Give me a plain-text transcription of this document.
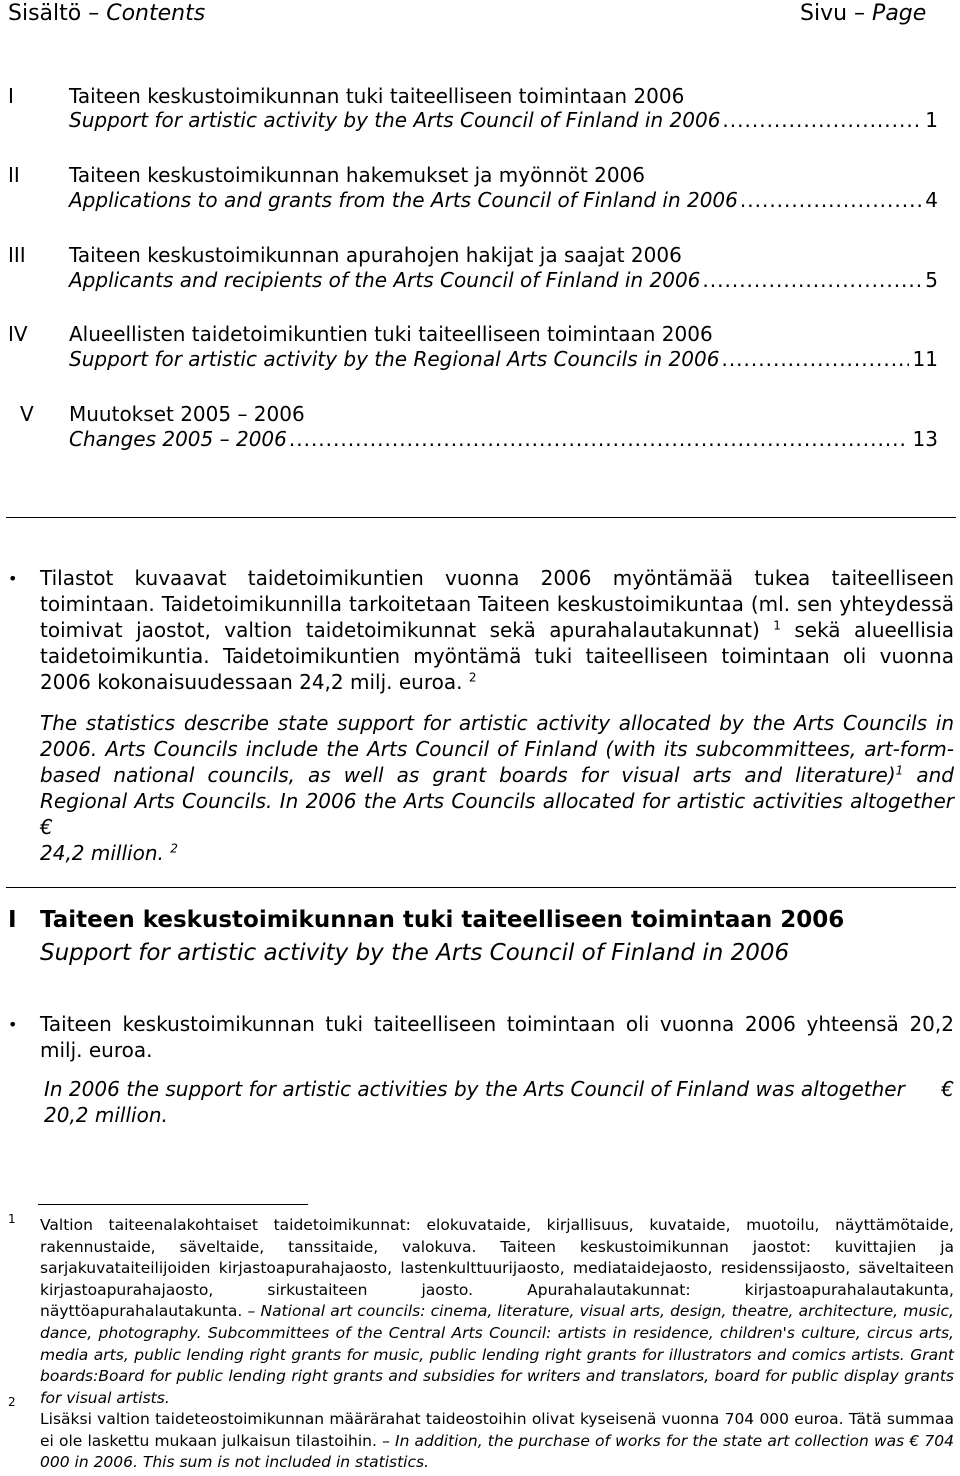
Sisältö – Contents	Sivu – Page
I	Taiteen keskustoimikunnan tuki taiteelliseen toimintaan 2006
Support for artistic activity by the Arts Council of Finland in 2006 .....	1
II	Taiteen keskustoimikunnan hakemukset ja myönnöt 2006
Applications to and grants from the Arts Council of Finland in 2006 .....	4
III	Taiteen keskustoimikunnan apurahojen hakijat ja saajat 2006
Applicants and recipients of the Arts Council of Finland in 2006 .....	5
IV	Alueellisten taidetoimikuntien tuki taiteelliseen toimintaan 2006
Support for artistic activity by the Regional Arts Councils in 2006 .....	11
V	Muutokset 2005 – 2006
Changes 2005 – 2006 .....	13
• Tilastot kuvaavat taidetoimikuntien vuonna 2006 myöntämää tukea taiteelliseen toimintaan. Taidetoimikunnilla tarkoitetaan Taiteen keskustoimikuntaa (ml. sen yhteydessä toimivat jaostot, valtion taidetoimikunnat sekä apurahalautakunnat) $^1$ sekä alueellisia taidetoimikuntia. Taidetoimikuntien myöntämä tuki taiteelliseen toimintaan oli vuonna 2006 kokonaisuudessaan 24,2 milj. euroa. $^2$
The statistics describe state support for artistic activity allocated by the Arts Councils in 2006. Arts Councils include the Arts Council of Finland (with its subcommittees, art-form-based national councils, as well as grant boards for visual arts and literature)$^1$ and Regional Arts Councils. In 2006 the Arts Councils allocated for artistic activities altogether €
24,2 million. $^2$
I Taiteen keskustoimikunnan tuki taiteelliseen toimintaan 2006
Support for artistic activity by the Arts Council of Finland in 2006
• Taiteen keskustoimikunnan tuki taiteelliseen toimintaan oli vuonna 2006 yhteensä 20,2 milj. euroa.
In 2006 the support for artistic activities by the Arts Council of Finland was altogether €
20,2 million.
1 Valtion taiteenalakohtaiset taidetoimikunnat: elokuvataide, kirjallisuus, kuvataide, muotoilu, näyttämötaide, rakennustaide, säveltaide, tanssitaide, valokuva. Taiteen keskustoimikunnan jaostot: kuvittajien ja sarjakuvataiteilijoiden kirjastoapurahajaosto, lastenkulttuurijaosto, mediataidejaosto, residenssijaosto, säveltaiteen kirjastoapurahajaosto, sirkustaiteen jaosto. Apurahalautakunnat: kirjastoapurahalautakunta, näyttöapurahalautakunta. – National art councils: cinema, literature, visual arts, design, theatre, architecture, music, dance, photography. Subcommittees of the Central Arts Council: artists in residence, children's culture, circus arts, media arts, public lending right grants for music, public lending right grants for illustrators and comics artists. Grant boards:Board for public lending right grants and subsidies for writers and translators, board for public display grants for visual artists.
2
Lisäksi valtion taideteostoimikunnan määrärahat taideostoihin olivat kyseisenä vuonna 704 000 euroa. Tätä summaa ei ole laskettu mukaan julkaisun tilastoihin. – In addition, the purchase of works for the state art collection was € 704 000 in 2006. This sum is not included in statistics.
